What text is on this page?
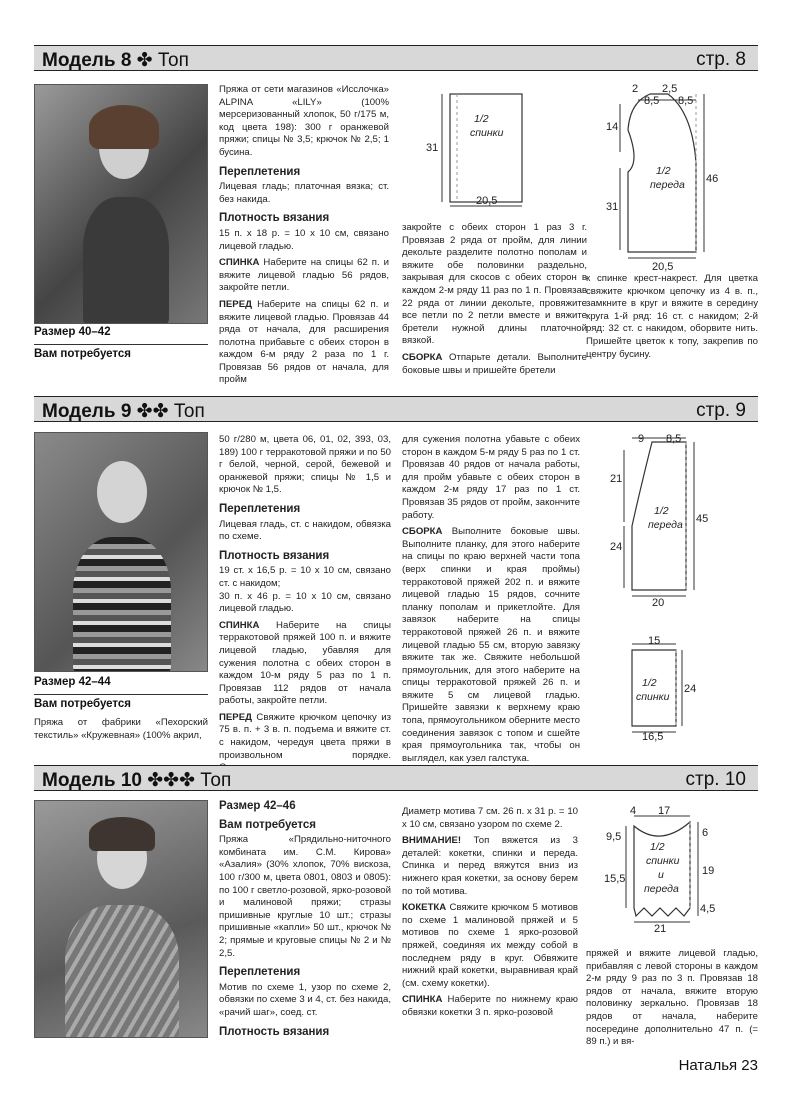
Модель 8 ✤ Топ	стр. 8
Размер 40–42
Вам потребуется

Пряжа от сети магазинов «Исслочка» ALPINA «LILY» (100% мерсеризованный хлопок, 50 г/175 м, код цвета 198): 300 г оранжевой пряжи; спицы № 3,5; крючок № 2,5; 1 бусина.

Переплетения

Лицевая гладь; платочная вязка; ст. без накида.

Плотность вязания

15 п. х 18 р. = 10 х 10 см, связано лицевой гладью.

СПИНКА Наберите на спицы 62 п. и вяжите лицевой гладью 56 рядов, закройте петли.

ПЕРЕД Наберите на спицы 62 п. и вяжите лицевой гладью. Провязав 44 ряда от начала, для расширения полотна прибавьте с обеих сторон в каждом 6-м ряду 2 раза по 1 г. Провязав 56 рядов от начала, для пройм

закройте с обеих сторон 1 раз 3 г. Провязав 2 ряда от пройм, для линии декольте разделите полотно пополам и вяжите обе половинки раздельно, закрывая для скосов с обеих сторон в каждом 2-м ряду 11 раз по 1 п. Провязав 22 ряда от линии декольте, провяжите все петли по 2 петли вместе и вяжите бретели нужной длины платочной вязкой.

СБОРКА Отпарьте детали. Выполните боковые швы и пришейте бретели

к спинке крест-накрест. Для цветка свяжите крючком цепочку из 4 в. п., замкните в круг и вяжите в середину круга 1-й ряд: 16 ст. с накидом; 2-й ряд: 32 ст. с накидом, оборвите нить. Пришейте цветок к топу, закрепив по центру бусину.

1/2
спинки
31
20,5
2 2,5
8,5 8,5
14
31
46
20,5
1/2
переда
Модель 9 ✤✤ Топ	стр. 9
Размер 42–44
Вам потребуется

Пряжа от фабрики «Пехорский текстиль» «Кружевная» (100% акрил,

50 г/280 м, цвета 06, 01, 02, 393, 03, 189) 100 г терракотовой пряжи и по 50 г белой, черной, серой, бежевой и оранжевой пряжи; спицы № 1,5 и крючок № 1,5.

Переплетения

Лицевая гладь, ст. с накидом, обвязка по схеме.

Плотность вязания

19 ст. х 16,5 р. = 10 х 10 см, связано ст. с накидом;

30 п. х 46 р. = 10 х 10 см, связано лицевой гладью.

СПИНКА Наберите на спицы терракотовой пряжей 100 п. и вяжите лицевой гладью, убавляя для сужения полотна с обеих сторон в каждом 10-м ряду 5 раз по 1 п. Провязав 112 рядов от начала работы, закройте петли.

ПЕРЕД Свяжите крючком цепочку из 75 в. п. + 3 в. п. подъема и вяжите ст. с накидом, чередуя цвета пряжи в произвольном порядке.

для сужения полотна убавьте с обеих сторон в каждом 5-м ряду 5 раз по 1 ст. Провязав 40 рядов от начала работы, для пройм убавьте с обеих сторон в каждом 2-м ряду 17 раз по 1 ст. Провязав 35 рядов от пройм, закончите работу.

СБОРКА Выполните боковые швы. Выполните планку, для этого наберите на спицы по краю верхней части топа (верх спинки и края проймы) терракотовой пряжей 202 п. и вяжите лицевой гладью 15 рядов, сочните планку пополам и прикетлойте. Для завязок наберите на спицы терракотовой пряжей 26 п. и вяжите лицевой гладью 55 см, вторую завязку вяжите так же. Свяжите небольшой прямоугольник, для этого наберите на спицы терракотовой пряжей 26 п. и вяжите 5 см лицевой гладью. Пришейте завязки к верхнему краю топа, прямоугольником оберните место соединения завязок с топом и сшейте края прямоугольника так, чтобы он выглядел, как узел галстука.

9 8,5
21
24
45
20
1/2
переда
15
24
16,5
1/2
спинки
Модель 10 ✤✤✤ Топ	стр. 10
Размер 42–46
Вам потребуется

Пряжа «Прядильно-ниточного комбината им. С.М. Кирова» «Азалия» (30% хлопок, 70% вискоза, 100 г/300 м, цвета 0801, 0803 и 0805): по 100 г светло-розовой, ярко-розовой и малиновой пряжи; стразы пришивные круглые 10 шт.; стразы пришивные «капли» 50 шт., крючок № 2; прямые и круговые спицы № 2 и № 2,5.

Переплетения

Мотив по схеме 1, узор по схеме 2, обвязки по схеме 3 и 4, ст. без накида, «рачий шаг», соед. ст.

Плотность вязания

Диаметр мотива 7 см. 26 п. х 31 р. = 10 х 10 см, связано узором по схеме 2.

ВНИМАНИЕ! Топ вяжется из 3 деталей: кокетки, спинки и переда. Спинка и перед вяжутся вниз из нижнего края кокетки, за основу берем по той мотива.

КОКЕТКА Свяжите крючком 5 мотивов по схеме 1 малиновой пряжей и 5 мотивов по схеме 1 ярко-розовой пряжей, соединяя их между собой в последнем ряду в круг. Обвяжите нижний край кокетки, выравнивая край (см. схему кокетки).

СПИНКА Наберите по нижнему краю обвязки кокетки 3 п. ярко-розовой

пряжей и вяжите лицевой гладью, прибавляя с левой стороны в каждом 2-м ряду 9 раз по 3 п. Провязав 18 рядов от начала, вяжите вторую половинку зеркально. Провязав 18 рядов от начала, наберите посередине дополнительно 47 п. (= 89 п.) и вя-

4 17
9,5
15,5
6
19
4,5
21
1/2
спинки
и
переда
Наталья 23
